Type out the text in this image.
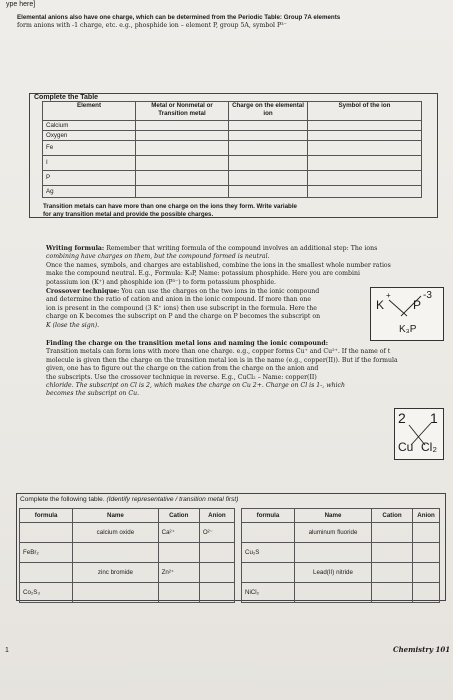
ype here]
Elemental anions also have one charge, which can be determined from the Periodic Table: Group 7A elements
form anions with -1 charge, etc. e.g., phosphide ion – element P, group 5A, symbol P³⁻
Complete the Table
Element	Metal or Nonmetal or Transition metal	Charge on the elemental ion	Symbol of the ion
Calcium			
Oxygen			
Fe			
I			
P			
Ag			
Transition metals can have more than one charge on the ions they form. Write variable
for any transition metal and provide the possible charges.
Writing formula: Remember that writing formula of the compound involves an additional step: The ions
combining have charges on them, but the compound formed is neutral.
Once the names, symbols, and charges are established, combine the ions in the smallest whole number ratios
make the compound neutral. E.g., Formula: K₃P, Name: potassium phosphide. Here you are combini
potassium ion (K⁺) and phosphide ion (P³⁻) to form potassium phosphide.
Crossover technique: You can use the charges on the two ions in the ionic compound
and determine the ratio of cation and anion in the ionic compound. If more than one
ion is present in the compound (3 K⁺ ions) then use subscript in the formula. Here the
charge on K becomes the subscript on P and the charge on P becomes the subscript on
K (lose the sign).
K
+
P
-3
K₃P
Finding the charge on the transition metal ions and naming the ionic compound:
Transition metals can form ions with more than one charge. e.g., copper forms Cu⁺ and Cu²⁺. If the name of t
molecule is given then the charge on the transition metal ion is in the name (e.g., copper(II)). But if the formula
given, one has to figure out the charge on the cation from the charge on the anion and
the subscripts. Use the crossover technique in reverse. E.g., CuCl₂ – Name: copper(II)
chloride. The subscript on Cl is 2, which makes the charge on Cu 2+. Charge on Cl is 1-, which
becomes the subscript on Cu.
2 1
Cu Cl₂
Complete the following table. (Identify representative / transition metal first)
formula	Name	Cation	Anion
	calcium oxide	Ca²⁺	O²⁻
FeBr₂			
	zinc bromide	Zn²⁺	
Co₂S₃			
formula	Name	Cation	Anion
	aluminum fluoride		
Cu₂S			
	Lead(II) nitride		
NiCl₂			
Chemistry 101
1
